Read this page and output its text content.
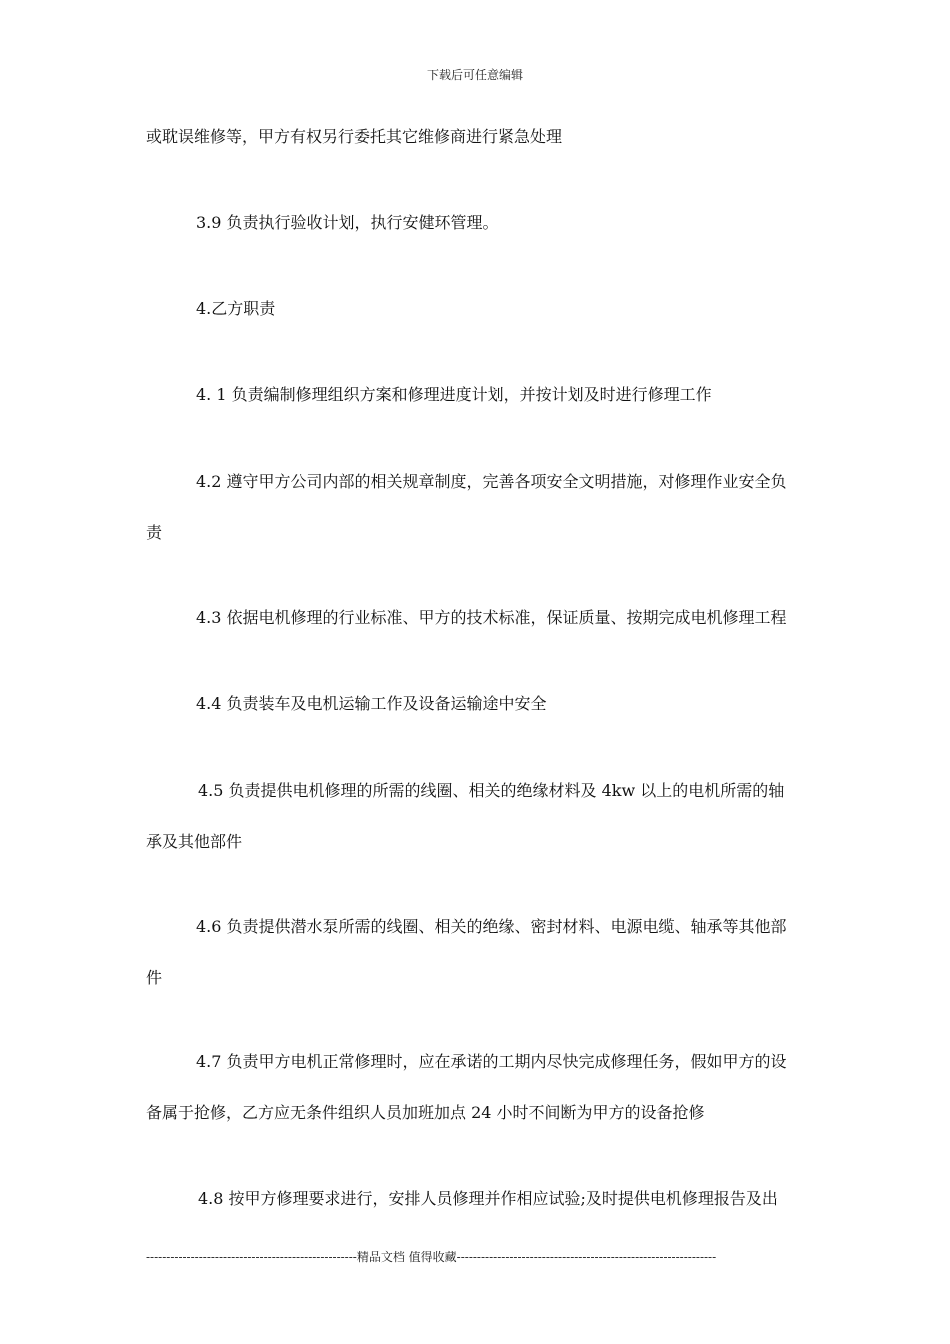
下载后可任意编辑
或耽误维修等，甲方有权另行委托其它维修商进行紧急处理
3.9 负责执行验收计划，执行安健环管理。
4.乙方职责
4. 1 负责编制修理组织方案和修理进度计划，并按计划及时进行修理工作
4.2 遵守甲方公司内部的相关规章制度，完善各项安全文明措施，对修理作业安全负
责
4.3 依据电机修理的行业标准、甲方的技术标准，保证质量、按期完成电机修理工程
4.4 负责装车及电机运输工作及设备运输途中安全
4.5 负责提供电机修理的所需的线圈、相关的绝缘材料及 4kw 以上的电机所需的轴
承及其他部件
4.6 负责提供潜水泵所需的线圈、相关的绝缘、密封材料、电源电缆、轴承等其他部
件
4.7 负责甲方电机正常修理时，应在承诺的工期内尽快完成修理任务，假如甲方的设
备属于抢修，乙方应无条件组织人员加班加点 24 小时不间断为甲方的设备抢修
4.8 按甲方修理要求进行，安排人员修理并作相应试验;及时提供电机修理报告及出
----------------------------------------------------精品文档 值得收藏----------------------------------------------------------------
